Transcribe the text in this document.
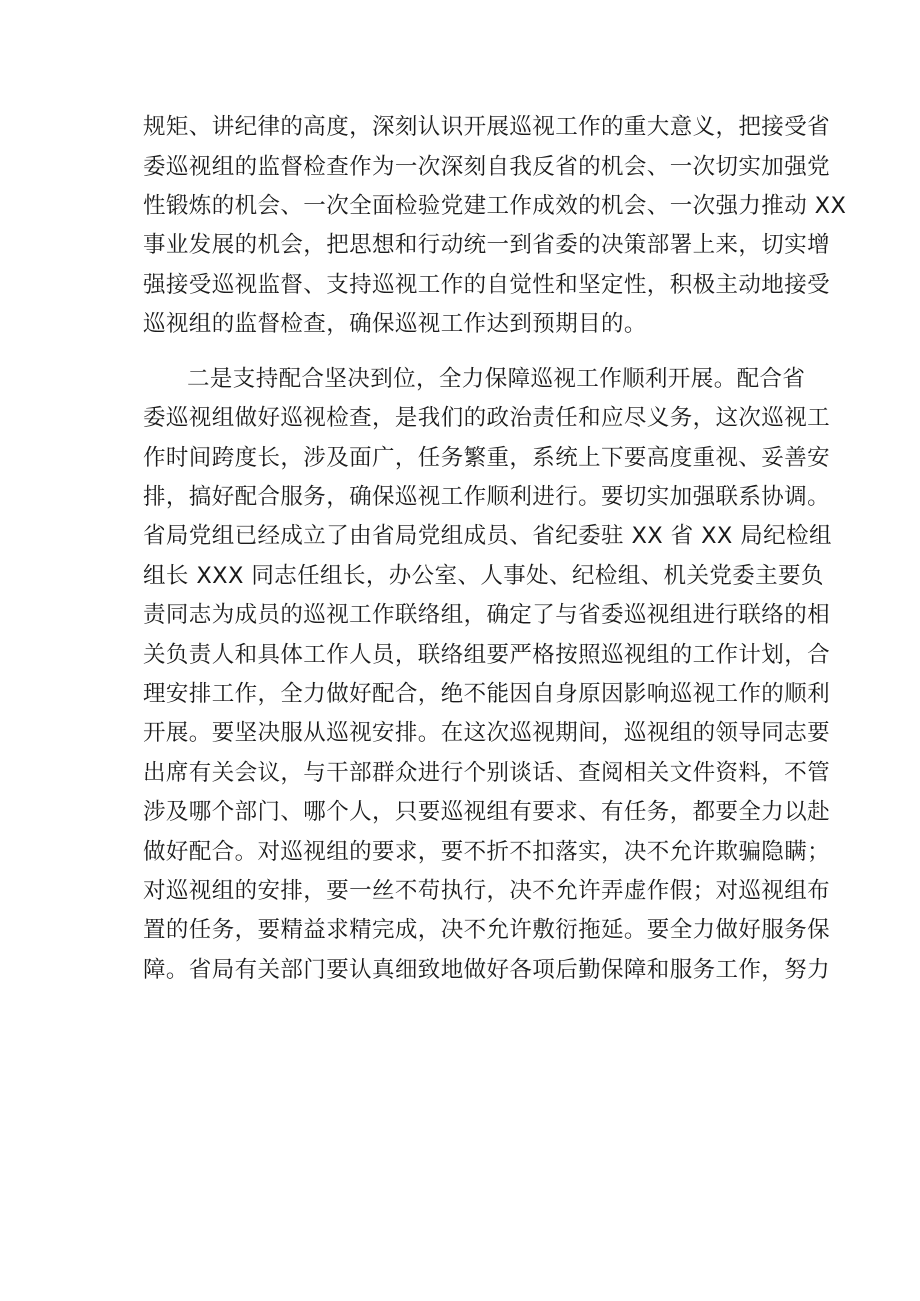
规矩、讲纪律的高度，深刻认识开展巡视工作的重大意义，把接受省
委巡视组的监督检查作为一次深刻自我反省的机会、一次切实加强党
性锻炼的机会、一次全面检验党建工作成效的机会、一次强力推动 XX
事业发展的机会，把思想和行动统一到省委的决策部署上来，切实增
强接受巡视监督、支持巡视工作的自觉性和坚定性，积极主动地接受
巡视组的监督检查，确保巡视工作达到预期目的。
二是支持配合坚决到位，全力保障巡视工作顺利开展。配合省
委巡视组做好巡视检查，是我们的政治责任和应尽义务，这次巡视工
作时间跨度长，涉及面广，任务繁重，系统上下要高度重视、妥善安
排，搞好配合服务，确保巡视工作顺利进行。要切实加强联系协调。
省局党组已经成立了由省局党组成员、省纪委驻 XX 省 XX 局纪检组
组长 XXX 同志任组长，办公室、人事处、纪检组、机关党委主要负
责同志为成员的巡视工作联络组，确定了与省委巡视组进行联络的相
关负责人和具体工作人员，联络组要严格按照巡视组的工作计划，合
理安排工作，全力做好配合，绝不能因自身原因影响巡视工作的顺利
开展。要坚决服从巡视安排。在这次巡视期间，巡视组的领导同志要
出席有关会议，与干部群众进行个别谈话、查阅相关文件资料，不管
涉及哪个部门、哪个人，只要巡视组有要求、有任务，都要全力以赴
做好配合。对巡视组的要求，要不折不扣落实，决不允许欺骗隐瞒；
对巡视组的安排，要一丝不苟执行，决不允许弄虚作假；对巡视组布
置的任务，要精益求精完成，决不允许敷衍拖延。要全力做好服务保
障。省局有关部门要认真细致地做好各项后勤保障和服务工作，努力
